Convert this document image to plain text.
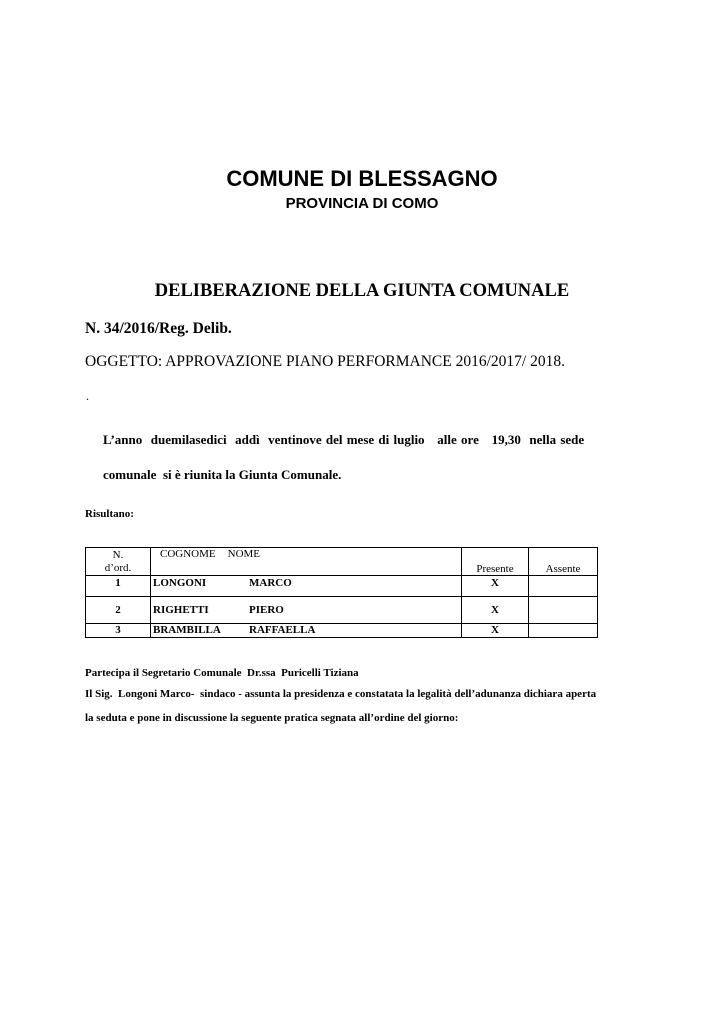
COMUNE DI BLESSAGNO
PROVINCIA DI COMO
DELIBERAZIONE DELLA GIUNTA COMUNALE
N. 34/2016/Reg. Delib.
OGGETTO: APPROVAZIONE PIANO PERFORMANCE 2016/2017/ 2018.
.
L’anno  duemilasedici  addì  ventinove del mese di luglio   alle ore   19,30  nella sede
comunale  si è riunita la Giunta Comunale.
Risultano:
N.
d’ord.	COGNOME NOME	Presente	Assente
1	LONGONI MARCO	X	
2	RIGHETTI PIERO	X	
3	BRAMBILLA RAFFAELLA	X	
Partecipa il Segretario Comunale  Dr.ssa  Puricelli Tiziana
Il Sig.  Longoni Marco-  sindaco - assunta la presidenza e constatata la legalità dell’adunanza dichiara aperta
la seduta e pone in discussione la seguente pratica segnata all’ordine del giorno:
